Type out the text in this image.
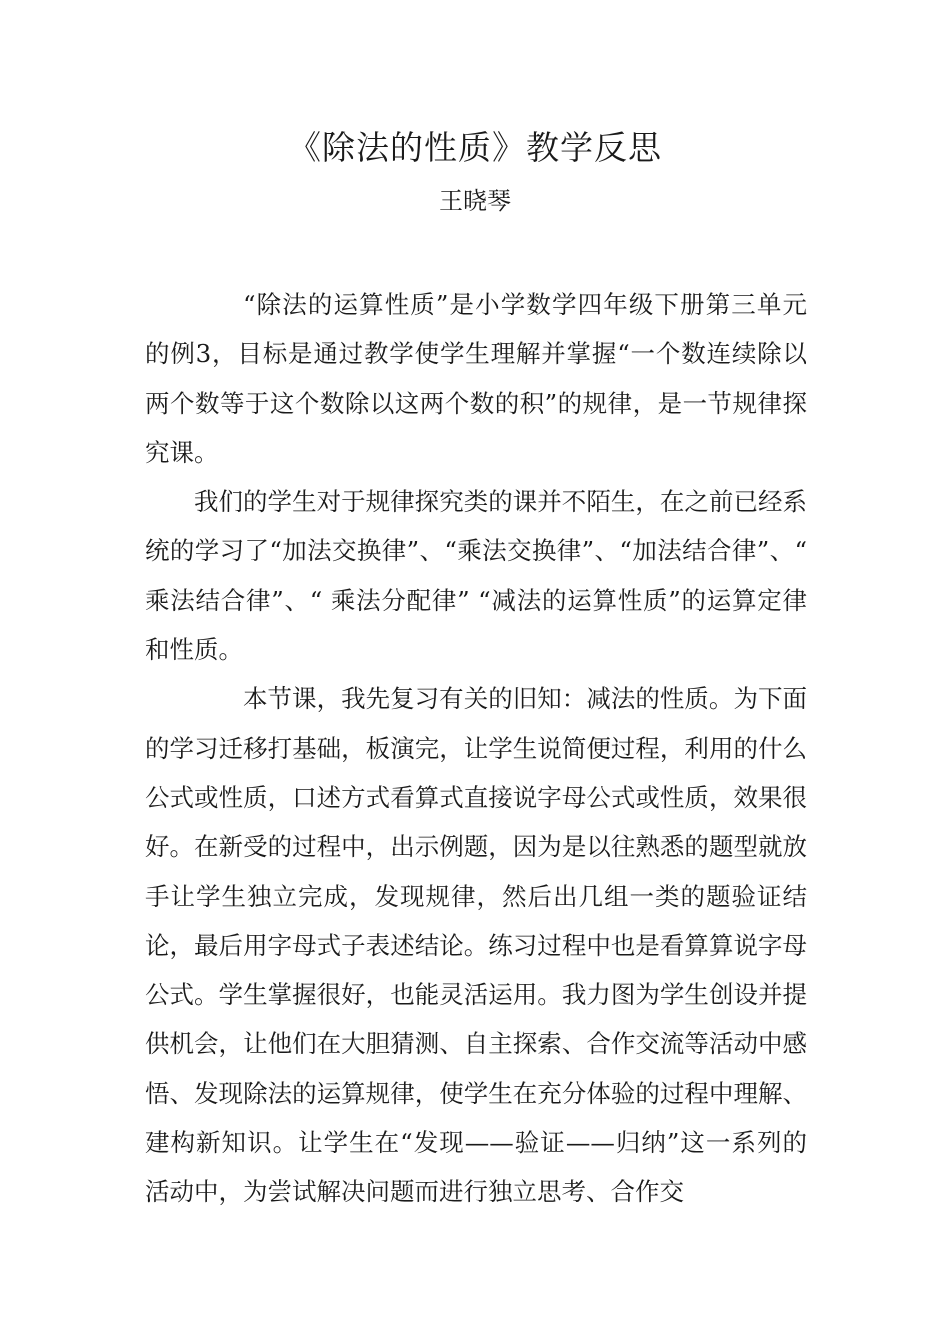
《除法的性质》教学反思
王晓琴

“除法的运算性质”是小学数学四年级下册第三单元的例3，目标是通过教学使学生理解并掌握“一个数连续除以两个数等于这个数除以这两个数的积”的规律，是一节规律探究课。

我们的学生对于规律探究类的课并不陌生，在之前已经系统的学习了“加法交换律”、“乘法交换律”、“加法结合律”、“ 乘法结合律”、“ 乘法分配律” “减法的运算性质”的运算定律和性质。

本节课，我先复习有关的旧知：减法的性质。为下面的学习迁移打基础，板演完，让学生说简便过程，利用的什么公式或性质，口述方式看算式直接说字母公式或性质，效果很好。在新受的过程中，出示例题，因为是以往熟悉的题型就放手让学生独立完成，发现规律，然后出几组一类的题验证结论，最后用字母式子表述结论。练习过程中也是看算算说字母公式。学生掌握很好，也能灵活运用。我力图为学生创设并提供机会，让他们在大胆猜测、自主探索、合作交流等活动中感悟、发现除法的运算规律，使学生在充分体验的过程中理解、建构新知识。让学生在“发现——验证——归纳”这一系列的活动中，为尝试解决问题而进行独立思考、合作交
